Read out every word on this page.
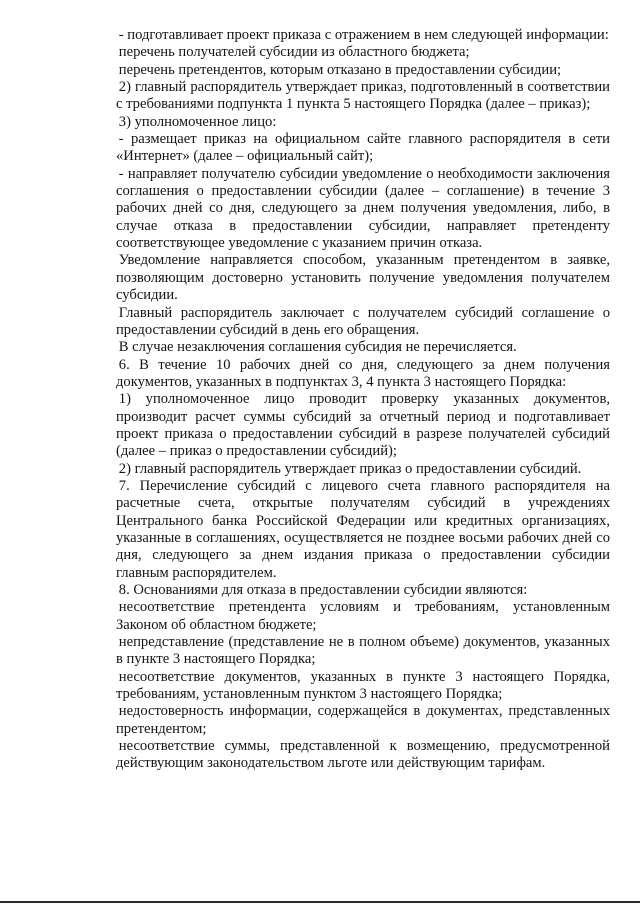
- подготавливает проект приказа с отражением в нем следующей информации:

перечень получателей субсидии из областного бюджета;

перечень претендентов, которым отказано в предоставлении субсидии;

2) главный распорядитель утверждает приказ, подготовленный в соответствии с требованиями подпункта 1 пункта 5 настоящего Порядка (далее – приказ);

3) уполномоченное лицо:

- размещает приказ на официальном сайте главного распорядителя в сети «Интернет» (далее – официальный сайт);

- направляет получателю субсидии уведомление о необходимости заключения соглашения о предоставлении субсидии (далее – соглашение) в течение 3 рабочих дней со дня, следующего за днем получения уведомления, либо, в случае отказа в предоставлении субсидии, направляет претенденту соответствующее уведомление с указанием причин отказа.

Уведомление направляется способом, указанным претендентом в заявке, позволяющим достоверно установить получение уведомления получателем субсидии.

Главный распорядитель заключает с получателем субсидий соглашение о предоставлении субсидий в день его обращения.

В случае незаключения соглашения субсидия не перечисляется.

6. В течение 10 рабочих дней со дня, следующего за днем получения документов, указанных в подпунктах 3, 4 пункта 3 настоящего Порядка:

1) уполномоченное лицо проводит проверку указанных документов, производит расчет суммы субсидий за отчетный период и подготавливает проект приказа о предоставлении субсидий в разрезе получателей субсидий (далее – приказ о предоставлении субсидий);

2) главный распорядитель утверждает приказ о предоставлении субсидий.

7. Перечисление субсидий с лицевого счета главного распорядителя на расчетные счета, открытые получателям субсидий в учреждениях Центрального банка Российской Федерации или кредитных организациях, указанные в соглашениях, осуществляется не позднее восьми рабочих дней со дня, следующего за днем издания приказа о предоставлении субсидии главным распорядителем.

8. Основаниями для отказа в предоставлении субсидии являются:

несоответствие претендента условиям и требованиям, установленным Законом об областном бюджете;

непредставление (представление не в полном объеме) документов, указанных в пункте 3 настоящего Порядка;

несоответствие документов, указанных в пункте 3 настоящего Порядка, требованиям, установленным пунктом 3 настоящего Порядка;

недостоверность информации, содержащейся в документах, представленных претендентом;

несоответствие суммы, представленной к возмещению, предусмотренной действующим законодательством льготе или действующим тарифам.
